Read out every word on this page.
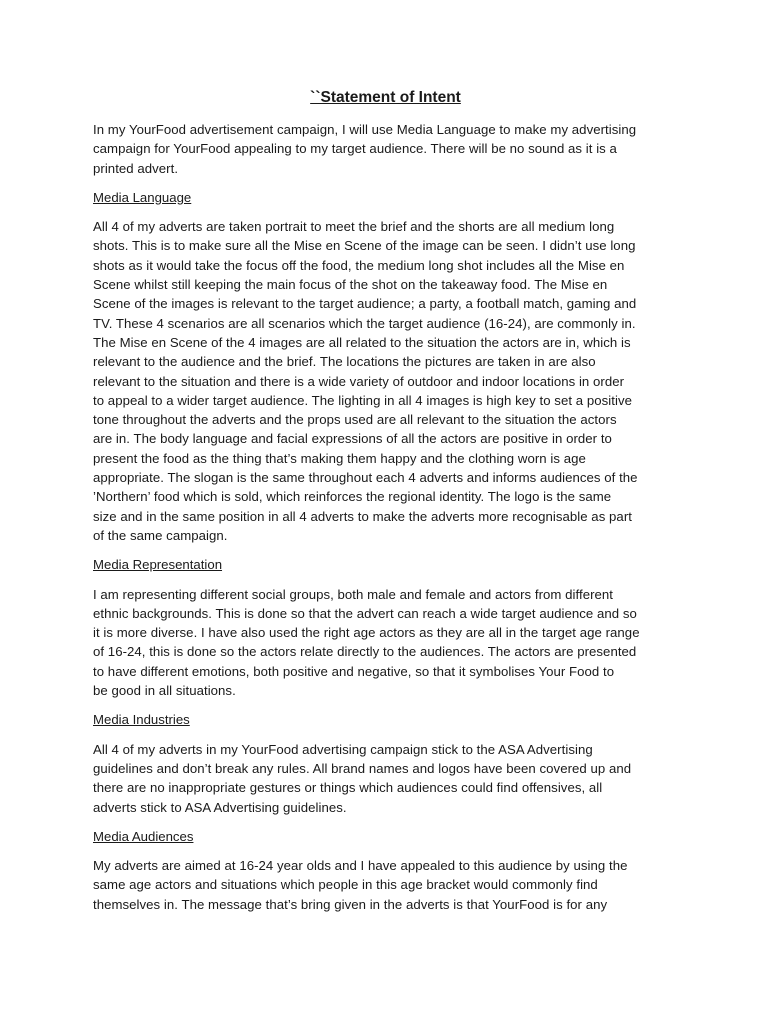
``Statement of Intent
In my YourFood advertisement campaign, I will use Media Language to make my advertising
campaign for YourFood appealing to my target audience. There will be no sound as it is a
printed advert.
Media Language
All 4 of my adverts are taken portrait to meet the brief and the shorts are all medium long
shots. This is to make sure all the Mise en Scene of the image can be seen. I didn’t use long
shots as it would take the focus off the food, the medium long shot includes all the Mise en
Scene whilst still keeping the main focus of the shot on the takeaway food. The Mise en
Scene of the images is relevant to the target audience; a party, a football match, gaming and
TV. These 4 scenarios are all scenarios which the target audience (16-24), are commonly in.
The Mise en Scene of the 4 images are all related to the situation the actors are in, which is
relevant to the audience and the brief. The locations the pictures are taken in are also
relevant to the situation and there is a wide variety of outdoor and indoor locations in order
to appeal to a wider target audience. The lighting in all 4 images is high key to set a positive
tone throughout the adverts and the props used are all relevant to the situation the actors
are in. The body language and facial expressions of all the actors are positive in order to
present the food as the thing that’s making them happy and the clothing worn is age
appropriate. The slogan is the same throughout each 4 adverts and informs audiences of the
’Northern’ food which is sold, which reinforces the regional identity. The logo is the same
size and in the same position in all 4 adverts to make the adverts more recognisable as part
of the same campaign.
Media Representation
I am representing different social groups, both male and female and actors from different
ethnic backgrounds. This is done so that the advert can reach a wide target audience and so
it is more diverse. I have also used the right age actors as they are all in the target age range
of 16-24, this is done so the actors relate directly to the audiences. The actors are presented
to have different emotions, both positive and negative, so that it symbolises Your Food to
be good in all situations.
Media Industries
All 4 of my adverts in my YourFood advertising campaign stick to the ASA Advertising
guidelines and don’t break any rules. All brand names and logos have been covered up and
there are no inappropriate gestures or things which audiences could find offensives, all
adverts stick to ASA Advertising guidelines.
Media Audiences
My adverts are aimed at 16-24 year olds and I have appealed to this audience by using the
same age actors and situations which people in this age bracket would commonly find
themselves in. The message that’s bring given in the adverts is that YourFood is for any
